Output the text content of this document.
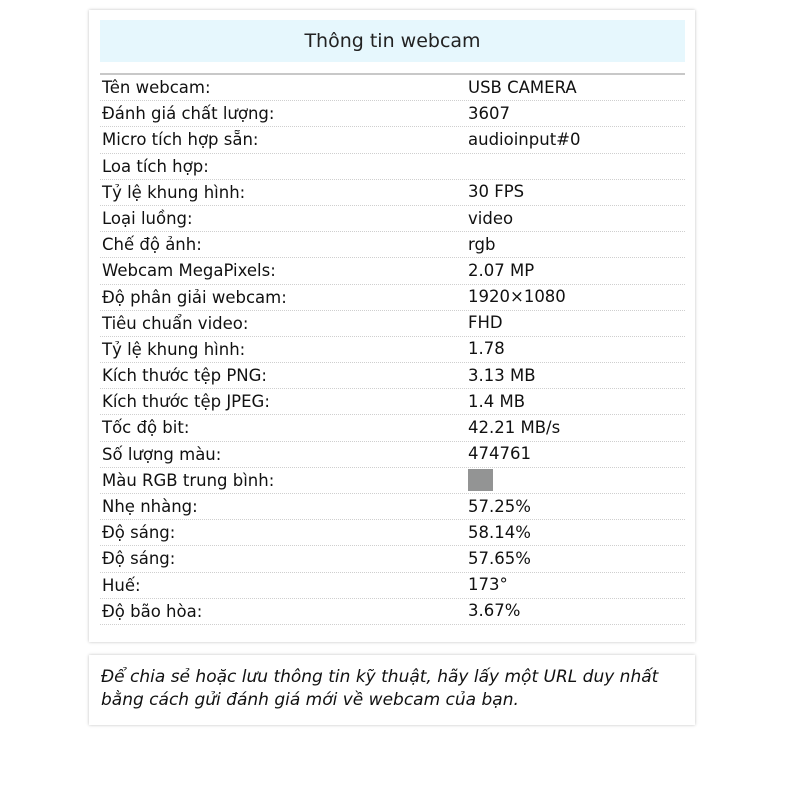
Thông tin webcam
Tên webcam:	USB CAMERA
Đánh giá chất lượng:	3607
Micro tích hợp sẵn:	audioinput#0
Loa tích hợp:
Tỷ lệ khung hình:	30 FPS
Loại luồng:	video
Chế độ ảnh:	rgb
Webcam MegaPixels:	2.07 MP
Độ phân giải webcam:	1920×1080
Tiêu chuẩn video:	FHD
Tỷ lệ khung hình:	1.78
Kích thước tệp PNG:	3.13 MB
Kích thước tệp JPEG:	1.4 MB
Tốc độ bit:	42.21 MB/s
Số lượng màu:	474761
Màu RGB trung bình:
Nhẹ nhàng:	57.25%
Độ sáng:	58.14%
Độ sáng:	57.65%
Huế:	173°
Độ bão hòa:	3.67%
Để chia sẻ hoặc lưu thông tin kỹ thuật, hãy lấy một URL duy nhất bằng cách gửi đánh giá mới về webcam của bạn.
